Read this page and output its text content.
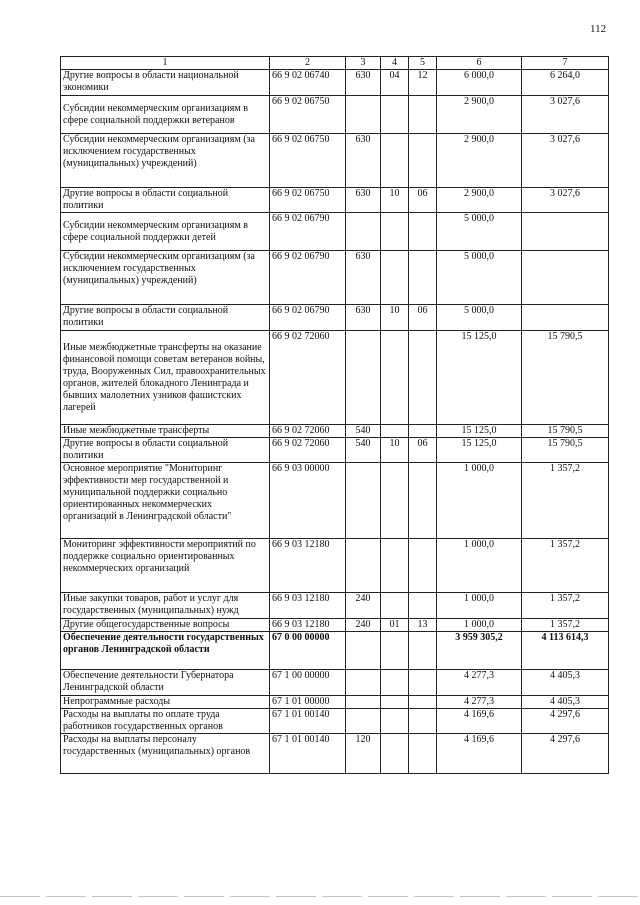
112
1	2	3	4	5	6	7
Другие вопросы в области национальной экономики	66 9 02 06740	630	04	12	6 000,0	6 264,0
Субсидии некоммерческим организациям в сфере социальной поддержки ветеранов	66 9 02 06750				2 900,0	3 027,6
Субсидии некоммерческим организациям (за исключением государственных (муниципальных) учреждений)	66 9 02 06750	630			2 900,0	3 027,6
Другие вопросы в области социальной политики	66 9 02 06750	630	10	06	2 900,0	3 027,6
Субсидии некоммерческим организациям в сфере социальной поддержки детей	66 9 02 06790				5 000,0	
Субсидии некоммерческим организациям (за исключением государственных (муниципальных) учреждений)	66 9 02 06790	630			5 000,0	
Другие вопросы в области социальной политики	66 9 02 06790	630	10	06	5 000,0	
Иные межбюджетные трансферты на оказание финансовой помощи советам ветеранов войны, труда, Вооруженных Сил, правоохранительных органов, жителей блокадного Ленинграда и бывших малолетних узников фашистских лагерей	66 9 02 72060				15 125,0	15 790,5
Иные межбюджетные трансферты	66 9 02 72060	540			15 125,0	15 790,5
Другие вопросы в области социальной политики	66 9 02 72060	540	10	06	15 125,0	15 790,5
Основное мероприятие "Мониторинг эффективности мер государственной и муниципальной поддержки социально ориентированных некоммерческих организаций в Ленинградской области"	66 9 03 00000				1 000,0	1 357,2
Мониторинг эффективности мероприятий по поддержке социально ориентированных некоммерческих организаций	66 9 03 12180				1 000,0	1 357,2
Иные закупки товаров, работ и услуг для государственных (муниципальных) нужд	66 9 03 12180	240			1 000,0	1 357,2
Другие общегосударственные вопросы	66 9 03 12180	240	01	13	1 000,0	1 357,2
Обеспечение деятельности государственных органов Ленинградской области	67 0 00 00000				3 959 305,2	4 113 614,3
Обеспечение деятельности Губернатора Ленинградской области	67 1 00 00000				4 277,3	4 405,3
Непрограммные расходы	67 1 01 00000				4 277,3	4 405,3
Расходы на выплаты по оплате труда работников государственных органов	67 1 01 00140				4 169,6	4 297,6
Расходы на выплаты персоналу государственных (муниципальных) органов	67 1 01 00140	120			4 169,6	4 297,6
